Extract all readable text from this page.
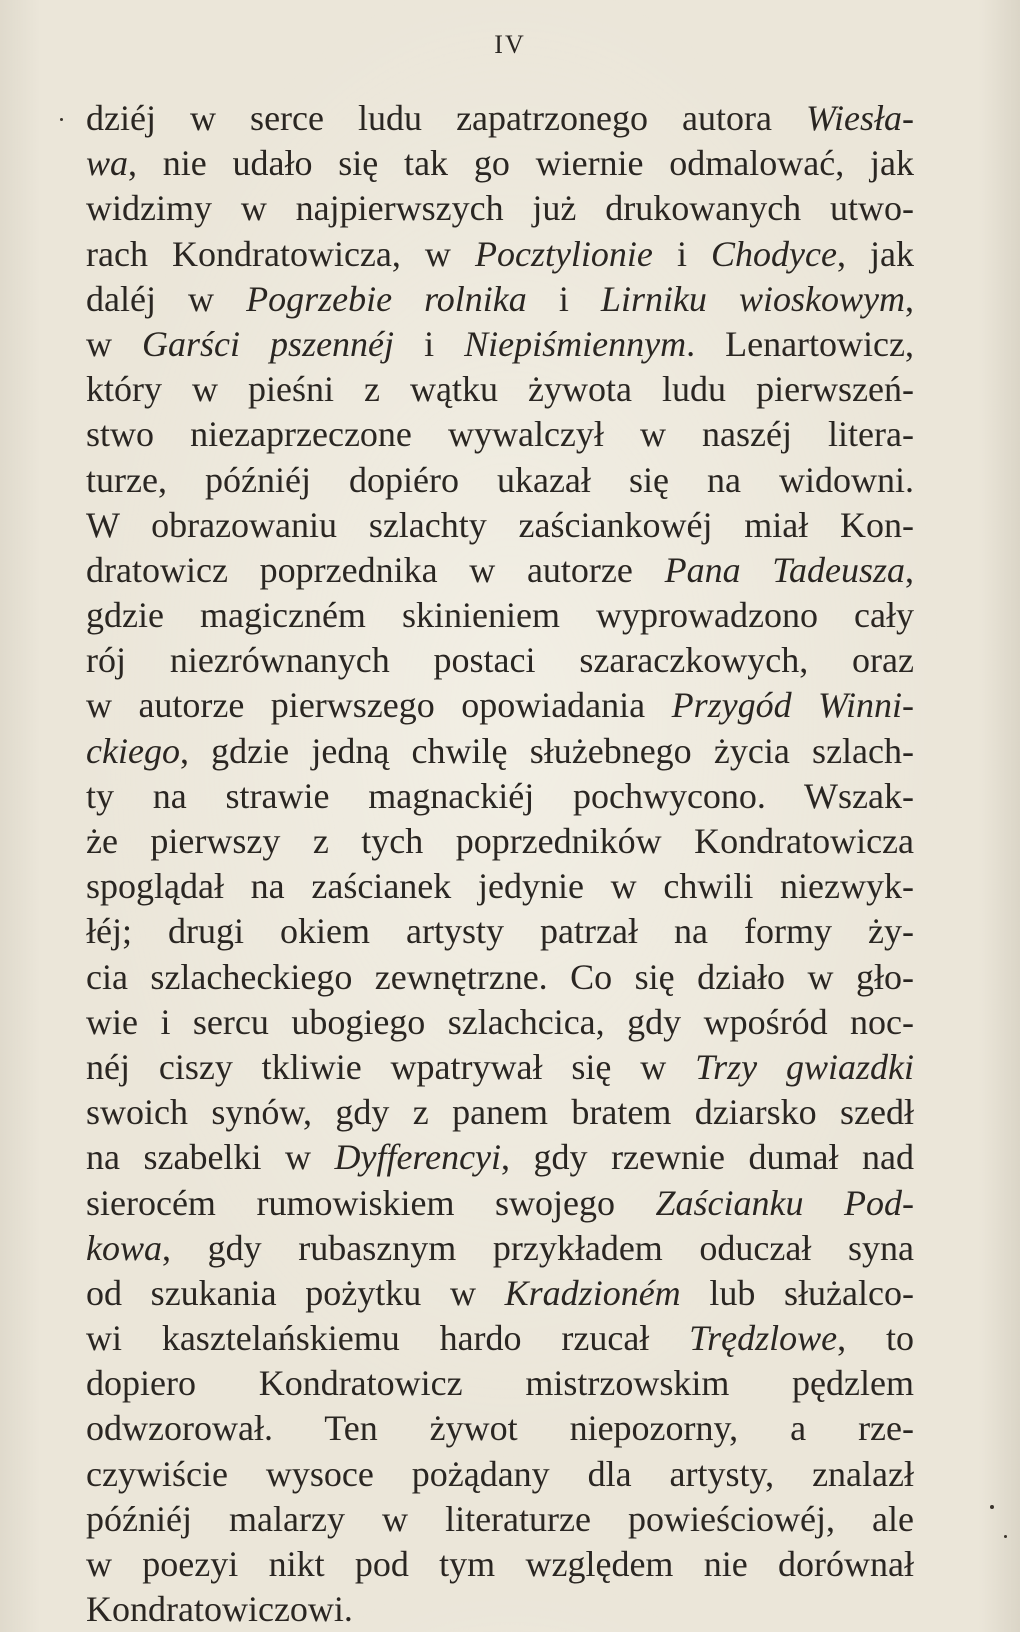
IV
dziéj w serce ludu zapatrzonego autora Wiesła-
wa, nie udało się tak go wiernie odmalować, jak
widzimy w najpierwszych już drukowanych utwo-
rach Kondratowicza, w Pocztylionie i Chodyce, jak
daléj w Pogrzebie rolnika i Lirniku wioskowym,
w Garści pszennéj i Niepiśmiennym. Lenartowicz,
który w pieśni z wątku żywota ludu pierwszeń-
stwo niezaprzeczone wywalczył w naszéj litera-
turze, późniéj dopiéro ukazał się na widowni.
W obrazowaniu szlachty zaściankowéj miał Kon-
dratowicz poprzednika w autorze Pana Tadeusza,
gdzie magiczném skinieniem wyprowadzono cały
rój niezrównanych postaci szaraczkowych, oraz
w autorze pierwszego opowiadania Przygód Winni-
ckiego, gdzie jedną chwilę służebnego życia szlach-
ty na strawie magnackiéj pochwycono. Wszak-
że pierwszy z tych poprzedników Kondratowicza
spoglądał na zaścianek jedynie w chwili niezwyk-
łéj; drugi okiem artysty patrzał na formy ży-
cia szlacheckiego zewnętrzne. Co się działo w gło-
wie i sercu ubogiego szlachcica, gdy wpośród noc-
néj ciszy tkliwie wpatrywał się w Trzy gwiazdki
swoich synów, gdy z panem bratem dziarsko szedł
na szabelki w Dyfferencyi, gdy rzewnie dumał nad
sierocém rumowiskiem swojego Zaścianku Pod-
kowa, gdy rubasznym przykładem oduczał syna
od szukania pożytku w Kradzioném lub służalco-
wi kasztelańskiemu hardo rzucał Trędzlowe, to
dopiero Kondratowicz mistrzowskim pędzlem
odwzorował. Ten żywot niepozorny, a rze-
czywiście wysoce pożądany dla artysty, znalazł
późniéj malarzy w literaturze powieściowéj, ale
w poezyi nikt pod tym względem nie dorównał
Kondratowiczowi.
